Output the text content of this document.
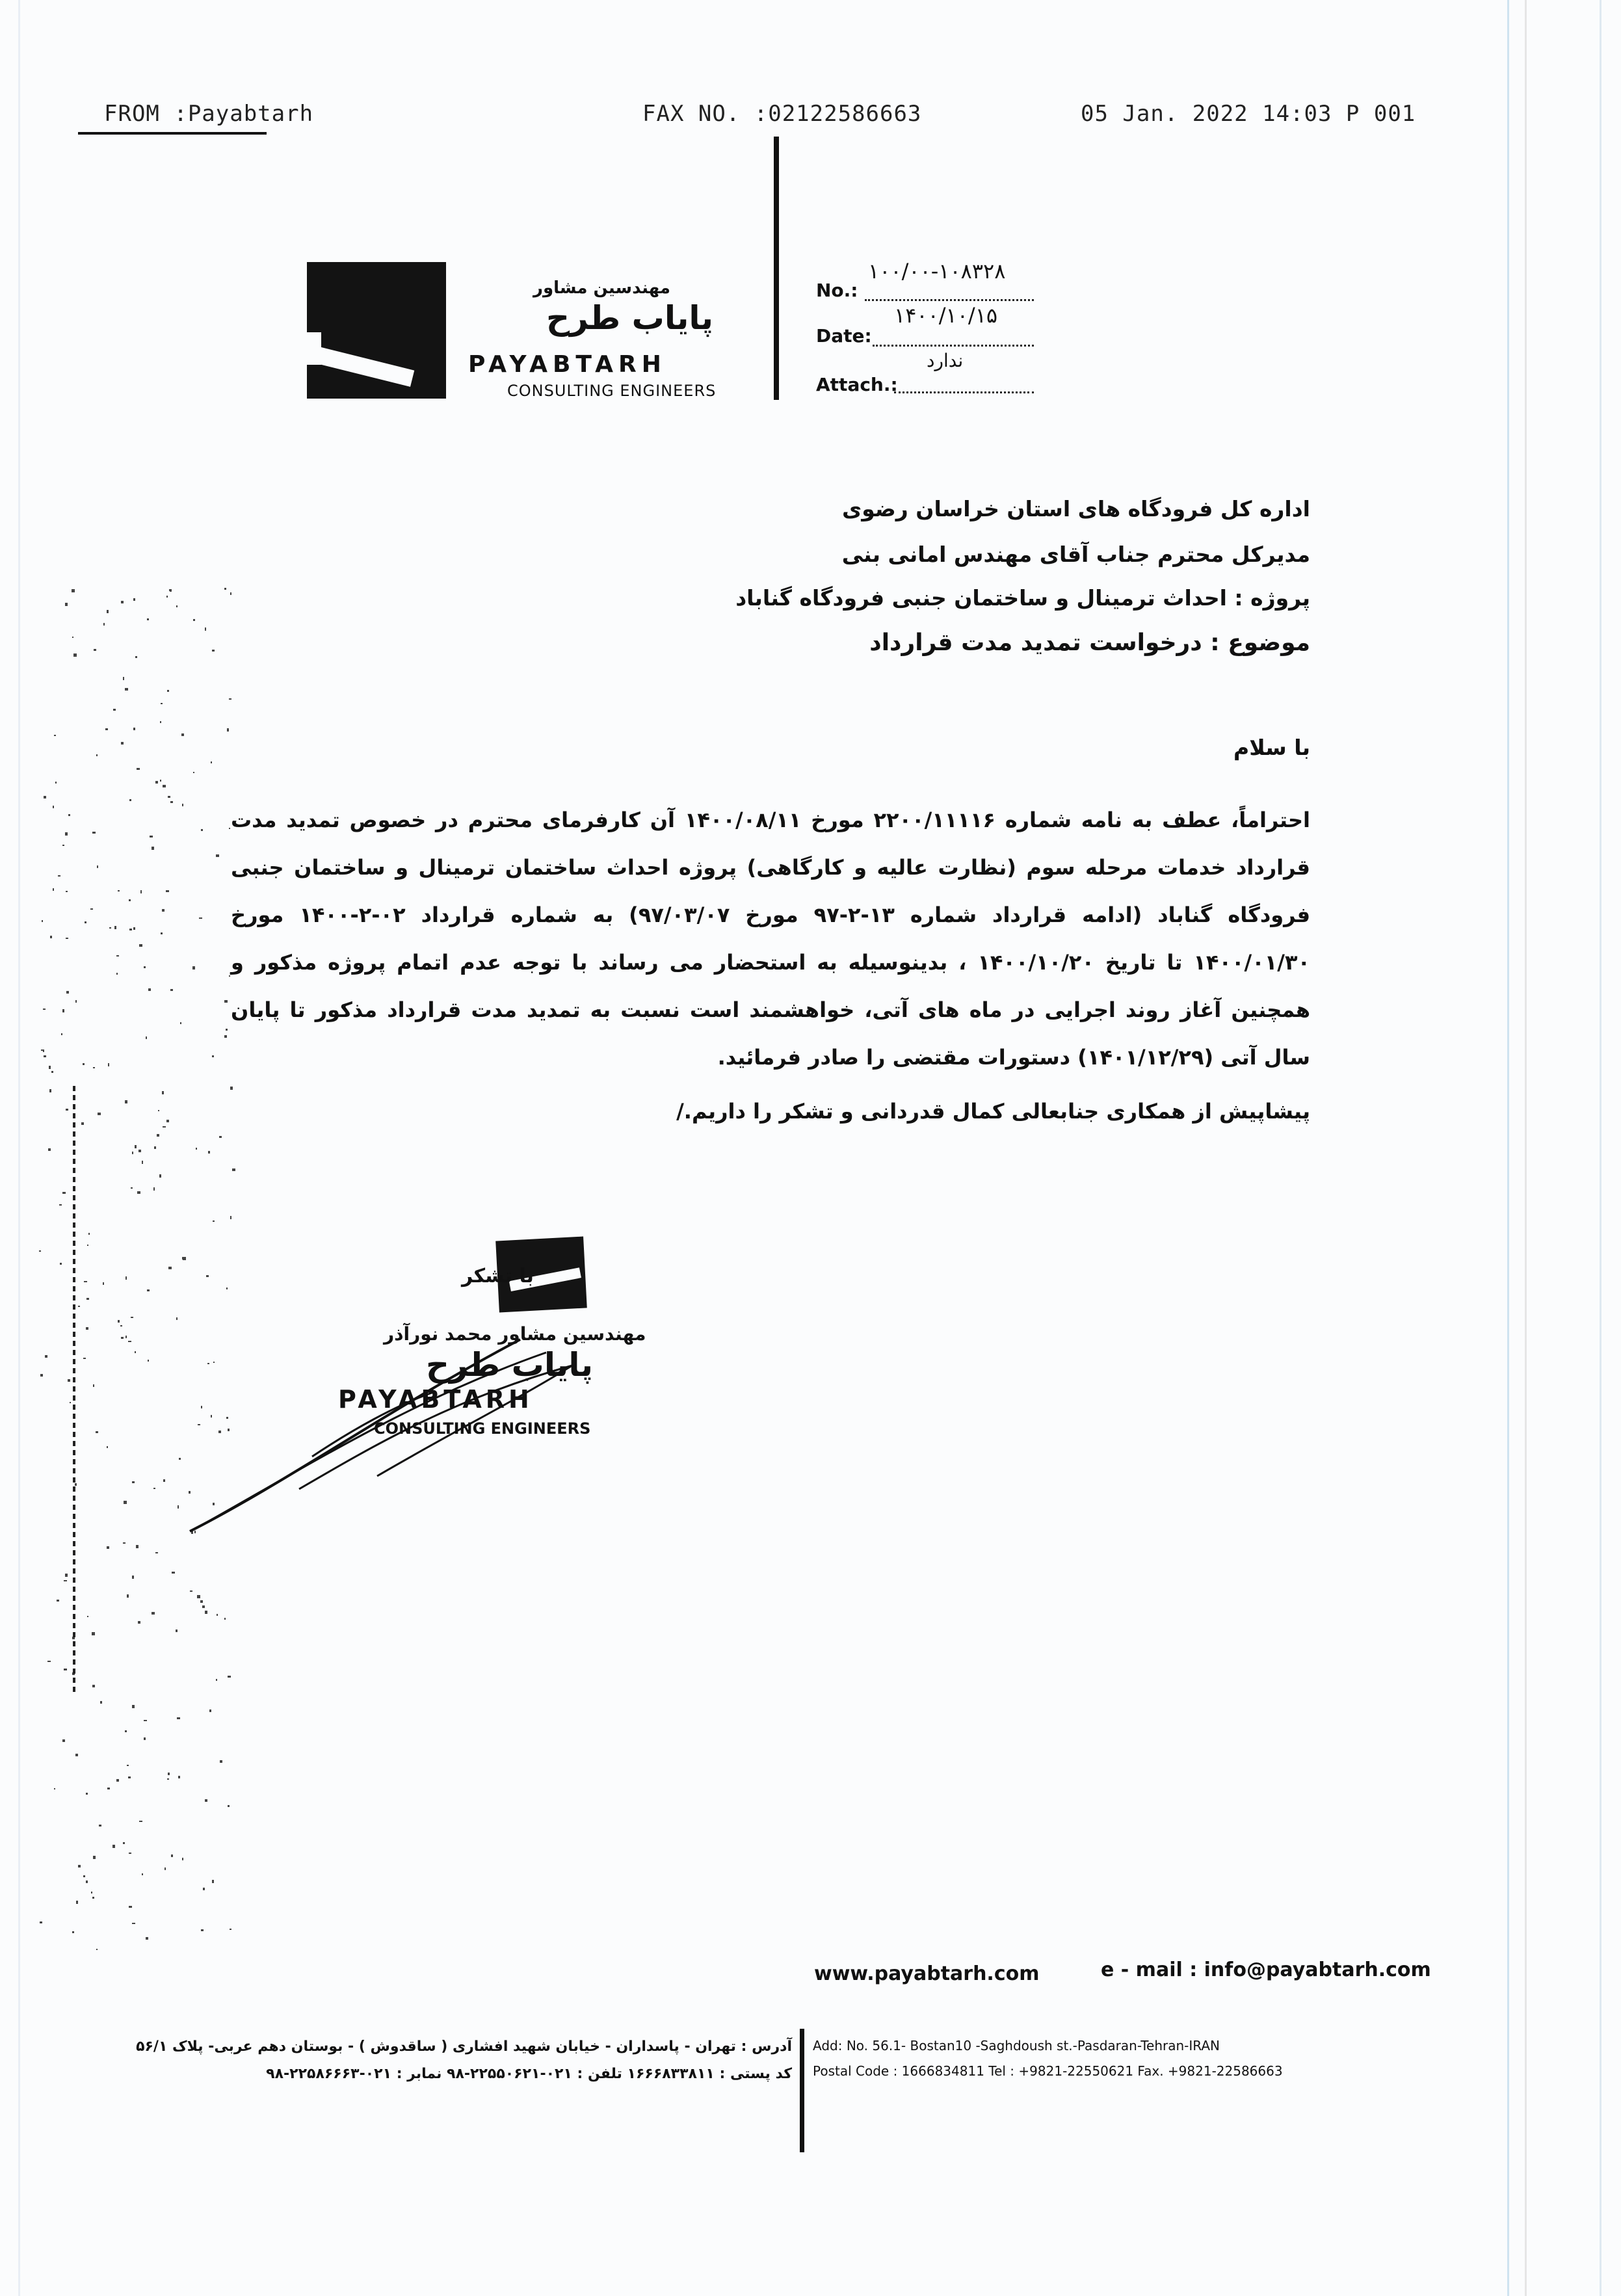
FROM :Payabtarh	FAX NO. :02122586663	05 Jan. 2022 14:03 P 001
مهندسین مشاور
پایاب طرح
PAYABTARH
CONSULTING ENGINEERS
No.:
۱۰۰/۰۰-۱۰۸۳۲۸
Date:
۱۴۰۰/۱۰/۱۵
Attach.:
ندارد
اداره کل فرودگاه های استان خراسان رضوی
مدیرکل محترم جناب آقای مهندس امانی بنی
پروژه : احداث ترمینال و ساختمان جنبی فرودگاه گناباد
موضوع : درخواست تمدید مدت قرارداد
با سلام
احتراماً، عطف به نامه شماره ۲۲۰۰/۱۱۱۱۶ مورخ ۱۴۰۰/۰۸/۱۱ آن کارفرمای محترم در خصوص تمدید مدت قرارداد خدمات مرحله سوم (نظارت عالیه و کارگاهی) پروژه احداث ساختمان ترمینال و ساختمان جنبی فرودگاه گناباد (ادامه قرارداد شماره ۱۳-۲-۹۷ مورخ ۹۷/۰۳/۰۷) به شماره قرارداد ۰۲-۲-۱۴۰۰ مورخ ۱۴۰۰/۰۱/۳۰ تا تاریخ ۱۴۰۰/۱۰/۲۰ ، بدینوسیله به استحضار می رساند با توجه عدم اتمام پروژه مذکور و همچنین آغاز روند اجرایی در ماه های آتی، خواهشمند است نسبت به تمدید مدت قرارداد مذکور تا پایان سال آتی (۱۴۰۱/۱۲/۲۹) دستورات مقتضی را صادر فرمائید.
پیشاپیش از همکاری جنابعالی کمال قدردانی و تشکر را داریم./
با تشکر
مهندسین مشاور محمد نورآذر
پایاب طرح
PAYABTARH
CONSULTING ENGINEERS
www.payabtarh.com	e - mail : info@payabtarh.com
آدرس : تهران - پاسداران - خیابان شهید افشاری ( ساقدوش ) - بوستان دهم عربی- پلاک ۵۶/۱
کد پستی : ۱۶۶۶۸۳۳۸۱۱ تلفن : ۰۲۱-۲۲۵۵۰۶۲۱-۹۸ نمابر : ۰۲۱-۲۲۵۸۶۶۶۳-۹۸
Add: No. 56.1- Bostan10 -Saghdoush st.-Pasdaran-Tehran-IRAN
Postal Code : 1666834811 Tel : +9821-22550621 Fax. +9821-22586663
